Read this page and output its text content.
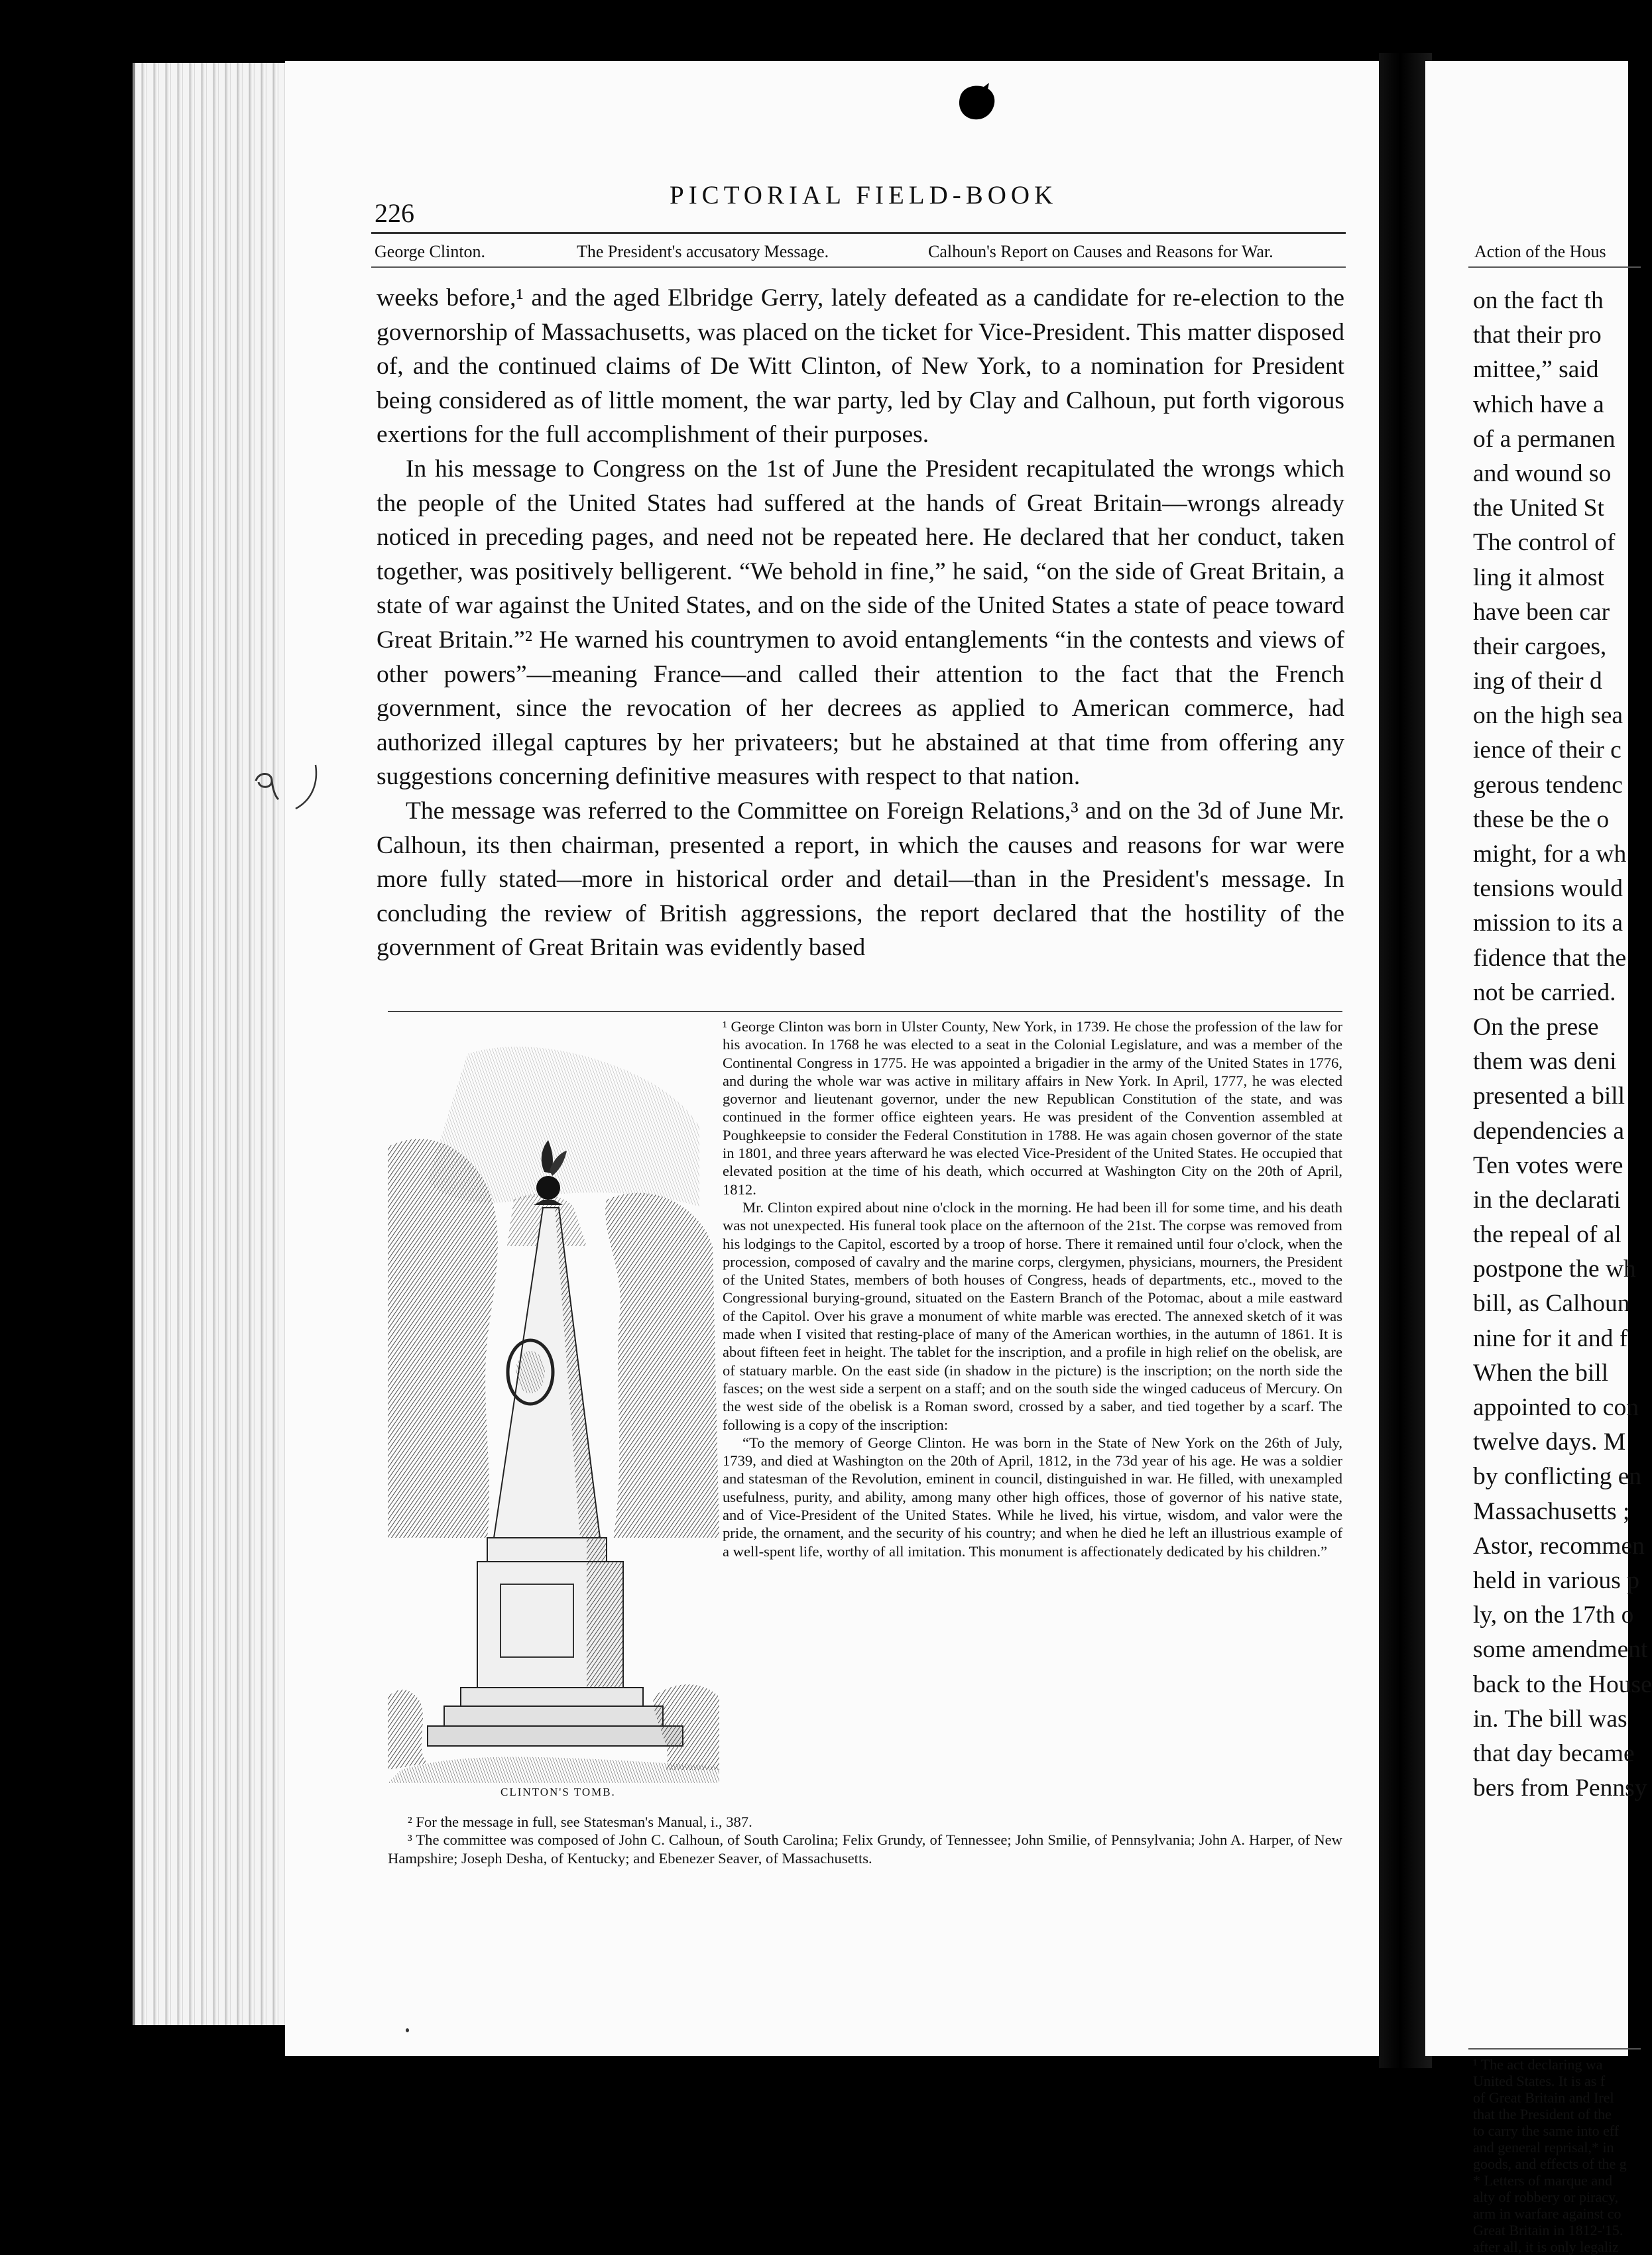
226
PICTORIAL FIELD-BOOK
George Clinton.	The President's accusatory Message.	Calhoun's Report on Causes and Reasons for War.

weeks before,¹ and the aged Elbridge Gerry, lately defeated as a candidate for re-election to the governorship of Massachusetts, was placed on the ticket for Vice-President. This matter disposed of, and the continued claims of De Witt Clinton, of New York, to a nomination for President being considered as of little moment, the war party, led by Clay and Calhoun, put forth vigorous exertions for the full accomplishment of their purposes.

In his message to Congress on the 1st of June the President recapitulated the wrongs which the people of the United States had suffered at the hands of Great Britain—wrongs already noticed in preceding pages, and need not be repeated here. He declared that her conduct, taken together, was positively belligerent. “We behold in fine,” he said, “on the side of Great Britain, a state of war against the United States, and on the side of the United States a state of peace toward Great Britain.”² He warned his countrymen to avoid entanglements “in the contests and views of other powers”—meaning France—and called their attention to the fact that the French government, since the revocation of her decrees as applied to American commerce, had authorized illegal captures by her privateers; but he abstained at that time from offering any suggestions concerning definitive measures with respect to that nation.

The message was referred to the Committee on Foreign Relations,³ and on the 3d of June Mr. Calhoun, its then chairman, presented a report, in which the causes and reasons for war were more fully stated—more in historical order and detail—than in the President's message. In concluding the review of British aggressions, the report declared that the hostility of the government of Great Britain was evidently based

CLINTON'S TOMB.

¹ George Clinton was born in Ulster County, New York, in 1739. He chose the profession of the law for his avocation. In 1768 he was elected to a seat in the Colonial Legislature, and was a member of the Continental Congress in 1775. He was appointed a brigadier in the army of the United States in 1776, and during the whole war was active in military affairs in New York. In April, 1777, he was elected governor and lieutenant governor, under the new Republican Constitution of the state, and was continued in the former office eighteen years. He was president of the Convention assembled at Poughkeepsie to consider the Federal Constitution in 1788. He was again chosen governor of the state in 1801, and three years afterward he was elected Vice-President of the United States. He occupied that elevated position at the time of his death, which occurred at Washington City on the 20th of April, 1812.

Mr. Clinton expired about nine o'clock in the morning. He had been ill for some time, and his death was not unexpected. His funeral took place on the afternoon of the 21st. The corpse was removed from his lodgings to the Capitol, escorted by a troop of horse. There it remained until four o'clock, when the procession, composed of cavalry and the marine corps, clergymen, physicians, mourners, the President of the United States, members of both houses of Congress, heads of departments, etc., moved to the Congressional burying-ground, situated on the Eastern Branch of the Potomac, about a mile eastward of the Capitol. Over his grave a monument of white marble was erected. The annexed sketch of it was made when I visited that resting-place of many of the American worthies, in the autumn of 1861. It is about fifteen feet in height. The tablet for the inscription, and a profile in high relief on the obelisk, are of statuary marble. On the east side (in shadow in the picture) is the inscription; on the north side the fasces; on the west side a serpent on a staff; and on the south side the winged caduceus of Mercury. On the west side of the obelisk is a Roman sword, crossed by a saber, and tied together by a scarf. The following is a copy of the inscription:

“To the memory of George Clinton. He was born in the State of New York on the 26th of July, 1739, and died at Washington on the 20th of April, 1812, in the 73d year of his age. He was a soldier and statesman of the Revolution, eminent in council, distinguished in war. He filled, with unexampled usefulness, purity, and ability, among many other high offices, those of governor of his native state, and of Vice-President of the United States. While he lived, his virtue, wisdom, and valor were the pride, the ornament, and the security of his country; and when he died he left an illustrious example of a well-spent life, worthy of all imitation. This monument is affectionately dedicated by his children.”

² For the message in full, see Statesman's Manual, i., 387.

³ The committee was composed of John C. Calhoun, of South Carolina; Felix Grundy, of Tennessee; John Smilie, of Pennsylvania; John A. Harper, of New Hampshire; Joseph Desha, of Kentucky; and Ebenezer Seaver, of Massachusetts.

Action of the Hous
on the fact th
that their pro
mittee,” said
which have a
of a permanen
and wound so
the United St
The control of
ling it almost
have been car
their cargoes,
ing of their d
on the high sea
ience of their c
gerous tendenc
these be the o
might, for a wh
tensions would
mission to its a
fidence that the
not be carried.
On the prese
them was deni
presented a bill
dependencies a
Ten votes were
in the declarati
the repeal of al
postpone the wh
bill, as Calhoun
nine for it and f
When the bill
appointed to con
twelve days. M
by conflicting en
Massachusetts ;
Astor, recommen
held in various p
ly, on the 17th o
some amendment
back to the House
in. The bill was
that day became
bers from Pennsy
¹ The act declaring wa
United States. It is as f
of Great Britain and Irel
that the President of the
to carry the same into eff
and general reprisal,* in
goods, and effects of the g
* Letters of marque and
alty of robbery or piracy,
arm in warfare against co
Great Britain in 1812-'15.
after all, it is only legaliz
